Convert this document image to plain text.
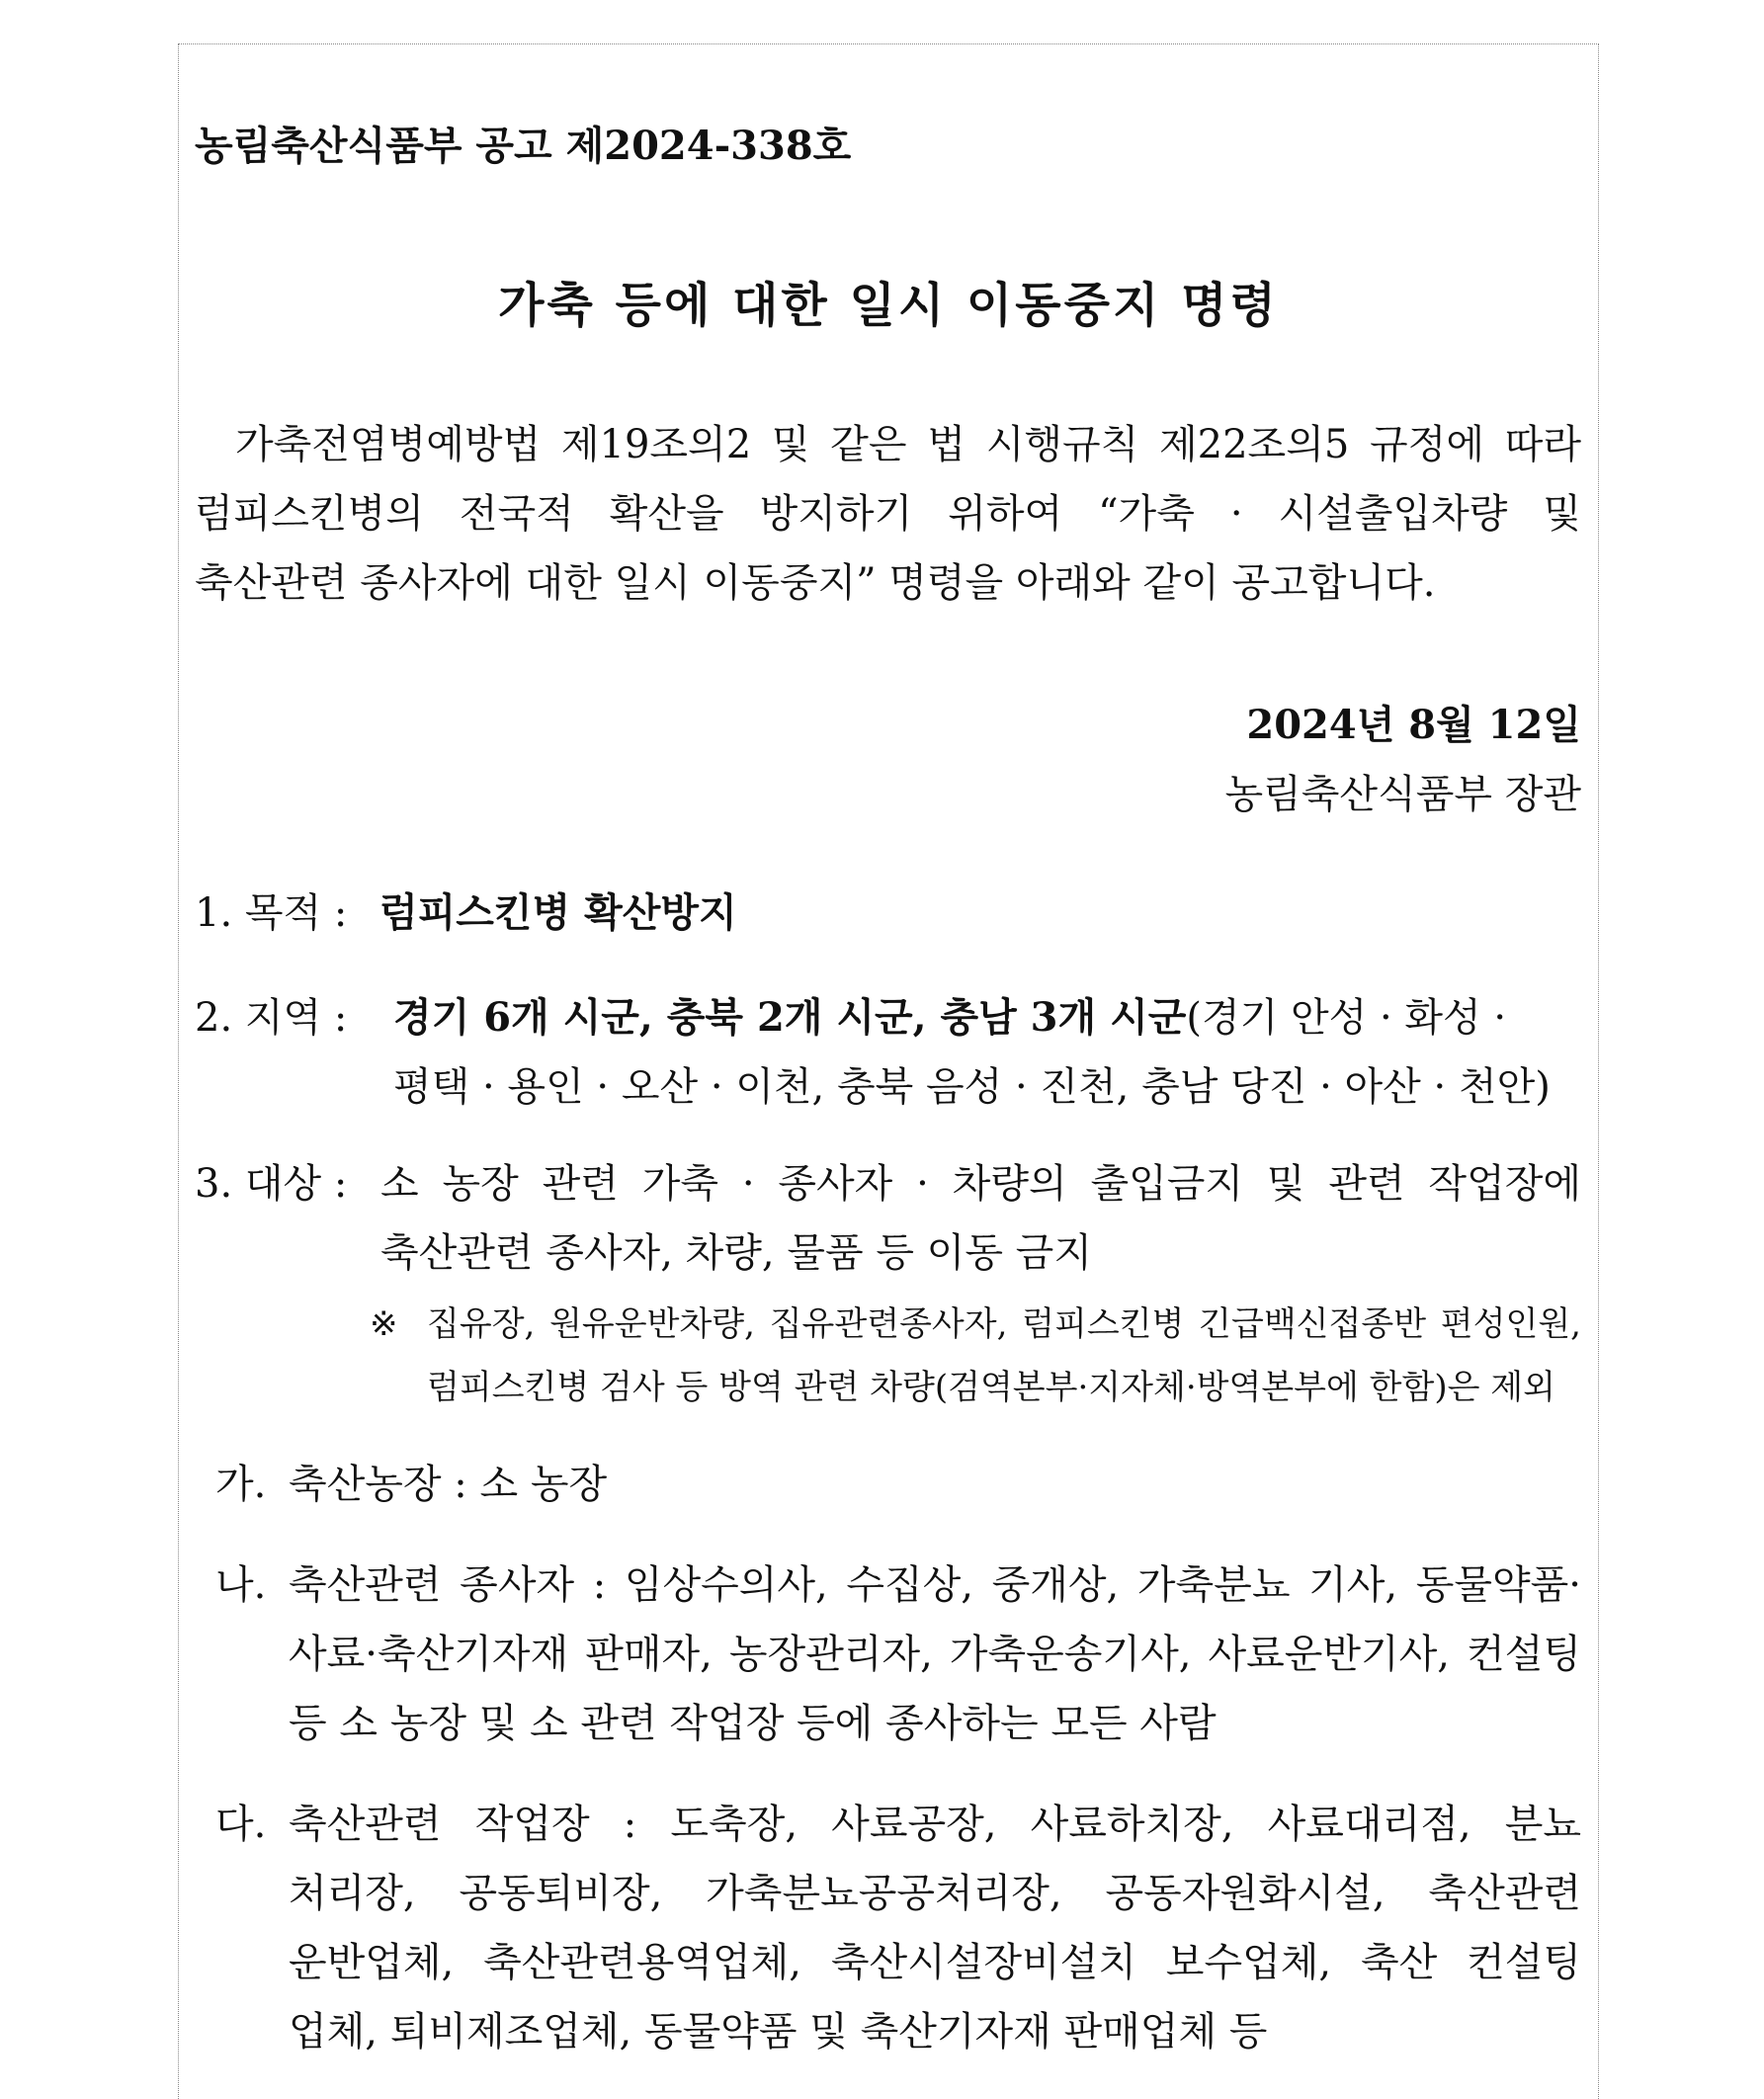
농림축산식품부 공고 제2024-338호
가축 등에 대한 일시 이동중지 명령
가축전염병예방법 제19조의2 및 같은 법 시행규칙 제22조의5 규정에 따라
럼피스킨병의 전국적 확산을 방지하기 위하여 “가축 · 시설출입차량 및
축산관련 종사자에 대한 일시 이동중지” 명령을 아래와 같이 공고합니다.
2024년 8월 12일
농림축산식품부 장관
1. 목적 : 럼피스킨병 확산방지
2. 지역 : 경기 6개 시군, 충북 2개 시군, 충남 3개 시군(경기 안성 · 화성 ·
평택 · 용인 · 오산 · 이천, 충북 음성 · 진천, 충남 당진 · 아산 · 천안)
3. 대상 : 소 농장 관련 가축 · 종사자 · 차량의 출입금지 및 관련 작업장에
축산관련 종사자, 차량, 물품 등 이동 금지
※ 집유장, 원유운반차량, 집유관련종사자, 럼피스킨병 긴급백신접종반 편성인원,
럼피스킨병 검사 등 방역 관련 차량(검역본부·지자체·방역본부에 한함)은 제외
가. 축산농장 : 소 농장
나. 축산관련 종사자 : 임상수의사, 수집상, 중개상, 가축분뇨 기사, 동물약품·
사료·축산기자재 판매자, 농장관리자, 가축운송기사, 사료운반기사, 컨설팅
등 소 농장 및 소 관련 작업장 등에 종사하는 모든 사람
다. 축산관련 작업장 : 도축장, 사료공장, 사료하치장, 사료대리점, 분뇨
처리장, 공동퇴비장, 가축분뇨공공처리장, 공동자원화시설, 축산관련
운반업체, 축산관련용역업체, 축산시설장비설치 보수업체, 축산 컨설팅
업체, 퇴비제조업체, 동물약품 및 축산기자재 판매업체 등
